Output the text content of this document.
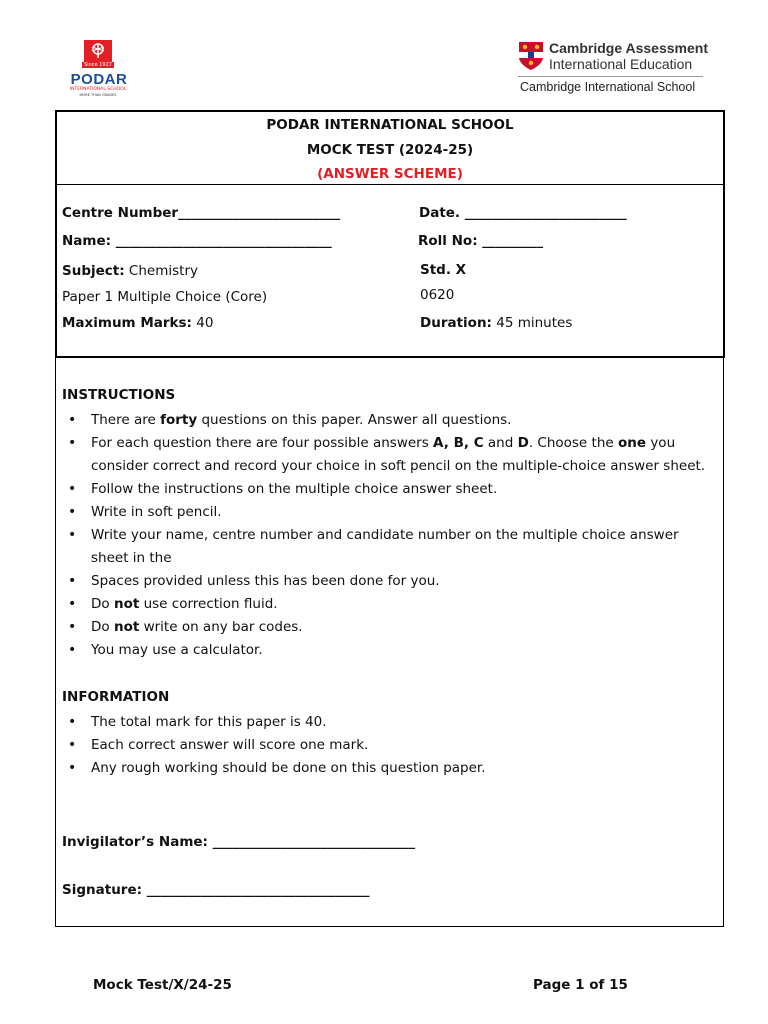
Since 1927
PODAR
INTERNATIONAL SCHOOL
MORE THAN GRADES
Cambridge Assessment
International Education
Cambridge International School
PODAR INTERNATIONAL SCHOOL
MOCK TEST (2024-25)
(ANSWER SCHEME)
Centre Number________________________	Date. ________________________
Name: ________________________________	Roll No: _________
Subject: Chemistry	Std. X
Paper 1 Multiple Choice (Core)	0620
Maximum Marks: 40	Duration: 45 minutes
INSTRUCTIONS
• There are forty questions on this paper. Answer all questions.
• For each question there are four possible answers A, B, C and D. Choose the one you consider correct and record your choice in soft pencil on the multiple-choice answer sheet.
• Follow the instructions on the multiple choice answer sheet.
• Write in soft pencil.
• Write your name, centre number and candidate number on the multiple choice answer sheet in the
• Spaces provided unless this has been done for you.
• Do not use correction fluid.
• Do not write on any bar codes.
• You may use a calculator.
INFORMATION
• The total mark for this paper is 40.
• Each correct answer will score one mark.
• Any rough working should be done on this question paper.
Invigilator’s Name: ______________________________
Signature: _________________________________
Mock Test/X/24-25	Page 1 of 15
